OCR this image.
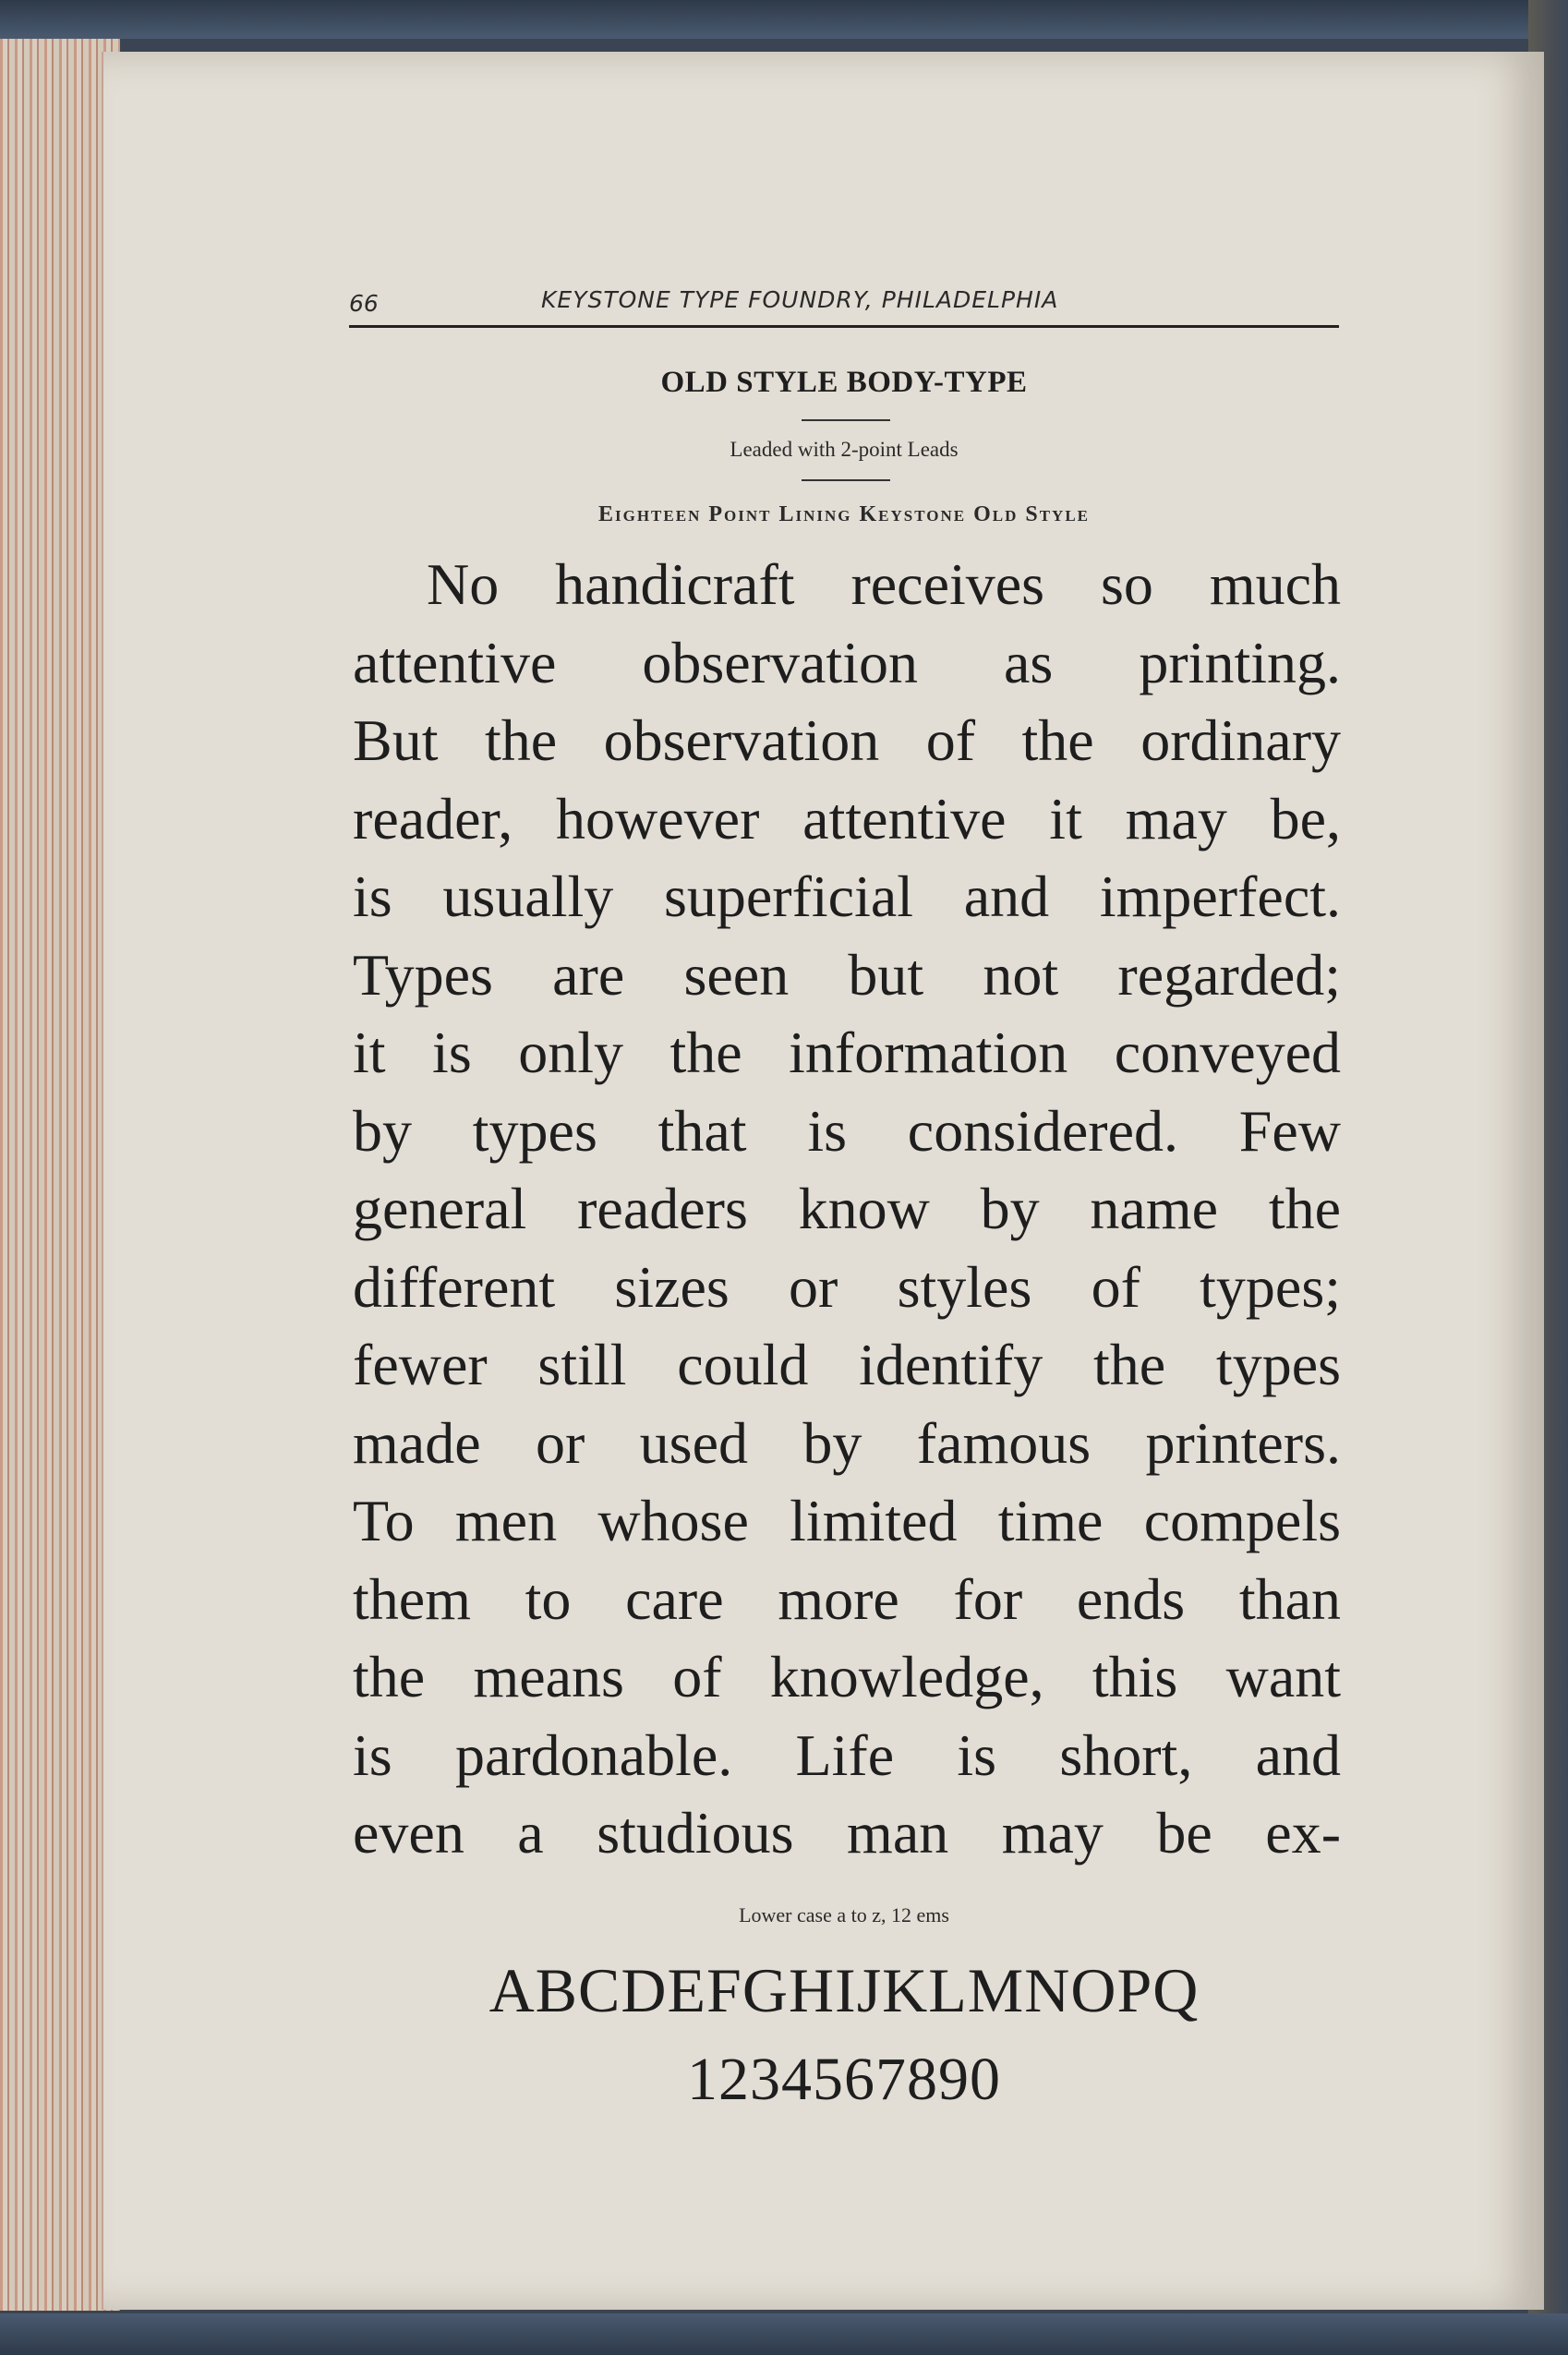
66	KEYSTONE TYPE FOUNDRY, PHILADELPHIA
OLD STYLE BODY-TYPE
Leaded with 2-point Leads
Eighteen Point Lining Keystone Old Style
No handicraft receives so much
attentive observation as printing.
But the observation of the ordinary
reader, however attentive it may be,
is usually superficial and imperfect.
Types are seen but not regarded;
it is only the information conveyed
by types that is considered. Few
general readers know by name the
different sizes or styles of types;
fewer still could identify the types
made or used by famous printers.
To men whose limited time compels
them to care more for ends than
the means of knowledge, this want
is pardonable. Life is short, and
even a studious man may be ex-
Lower case a to z, 12 ems
ABCDEFGHIJKLMNOPQ
1234567890
